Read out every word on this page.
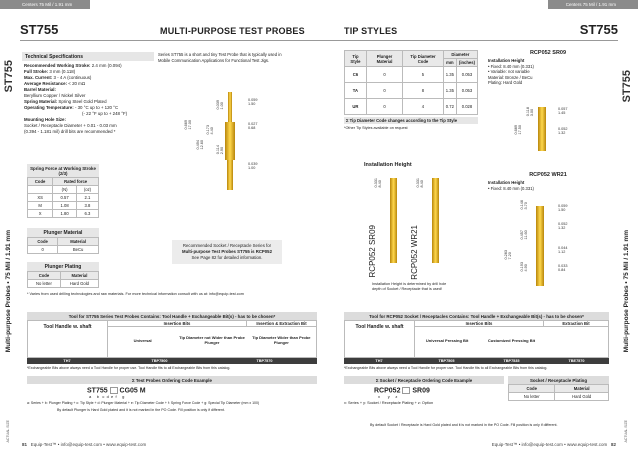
Centers 75 Mil / 1.91 mm	Centers 75 Mil / 1.91 mm
ST755	MULTI-PURPOSE TEST PROBES	TIP STYLES	ST755
ST755
Multi-purpose Probes • 75 Mil / 1.91 mm
ACTUAL SIZE
ST755
Multi-purpose Probes • 75 Mil / 1.91 mm
ACTUAL SIZE
Technical Specifications
Recommended Working Stroke: 2.4 mm (0.094)
Full Stroke: 3 mm (0.118)
Max. Current: 3 - 4 A (continuous)
Average Resistance: < 20 mΩ
Barrel Material:
Beryllium Copper / Nickel Silver
Spring Material: Spring Steel Gold Plated
Operating Temperature: - 30 °C up to + 120 °C
(- 22 °F up to + 248 °F)
Mounting Hole Size:
Socket / Receptacle Diameter + 0.01 - 0.03 mm
(0.394 - 1.181 mil) drill bits are recommended *
Series ST755 is a short and tiny Test Probe that is typically used in Mobile Communication Applications for Functional Test Jigs.
Spring Force at Working Stroke (2/3)
Code	Rated force	
	(N)	(oz)
XS	0.57	2.1
M	1.08	3.8
X	1.80	6.3
Plunger Material
Code	Material
0	BeCu
Plunger Plating
Code	Material
No letter	Hard Gold
* Varies from used drilling technologies and raw materials. For more technical information consult with us at: info@equip-test.com
0.059
1.50
0.027
0.68
0.039
1.00
0.039
1.00
0.173
4.40
0.114
2.90
0.494
12.60
0.669
17.00
Recommended Socket / Receptacle Series for
Multi-purpose Test Probes ST755 is RCP052
See Page 82 for detailed information.
Tip Style	Plunger Material	Tip Diameter Code	Diameter	
			mm	(inches)
C6	0	5	1.35	0.053
TA	0	8	1.35	0.053
UR	0	4	0.72	0.028
Σ Tip Diameter Code changes according to the Tip Style
*Other Tip Styles available on request
RCP052 SR09
Installation Height
• Fixed: 8.40 mm (0.331)
• Variable: not variable
Material: Bronze / BeCu
Plating: Hard Gold
0.057
1.45
0.052
1.32
0.689
17.50
0.118
3.00
Installation Height
0.331
8.40	0.331
8.40
RCP052 SR09	RCP052 WR21
Installation Height is determined by drill hole
depth of Socket / Receptacle that is used!
RCP052 WR21
Installation Height
• Fixed: 8.40 mm (0.331)
0.059
1.50
0.052
1.32
0.044
1.12
0.033
0.84
0.146
3.70
0.457
11.60
0.283
7.20
0.193
4.90
Tool for ST755 Series Test Probes Contains: Tool Handle + Exchangeable Bit(s) - has to be chosen*
Tool Handle w. shaft
Insertion Bits	Insertion & Extraction Bit
Universal	Tip Diameter not Wider than Probe Plunger
Tip Diameter Wider than Probe Plunger
TH7	TBP7500	TBP7570
*Exchangeable Bits above always need a Tool Handle for proper use. Tool Handle fits to all Exchangeable Bits from this catalog.
Tool for RCP052 Socket / Receptacles Contains: Tool Handle + Exchangeable Bit(s) - has to be chosen*
Tool Handle w. shaft
Insertion Bits	Extraction Bit
Universal Pressing Bit	Customized Pressing Bit
TH7	TBP7505	TBP7535	TBE7570
*Exchangeable Bits above always need a Tool Handle for proper use. Tool Handle fits to all Exchangeable Bits from this catalog.
Σ Test Probes Ordering Code Example
ST755 CG05 M
a     b   c  d  e  f     g
a: Series + b: Plunger Plating + c: Tip Style + d: Plunger Material + e: Tip Diameter Code + f: Spring Force Code + g: Special Tip Diameter (mm x 100)
By default Plunger is Hard Gold plated and it is not marked in the PO Code. Fill position is only if different.
Σ Socket / Receptacle Ordering Code Example
RCP052 SR09
x       y     z
x: Series + y: Socket / Receptacle Plating + z: Option
Socket / Receptacle Plating
Code	Material
No letter	Hard Gold
By default Socket / Receptacle is Hard Gold plated and it is not marked in the PO Code. Fill position is only if different.
81 Equip-Test™ • info@equip-test.com • www.equip-test.com	Equip-Test™ • info@equip-test.com • www.equip-test.com 82
